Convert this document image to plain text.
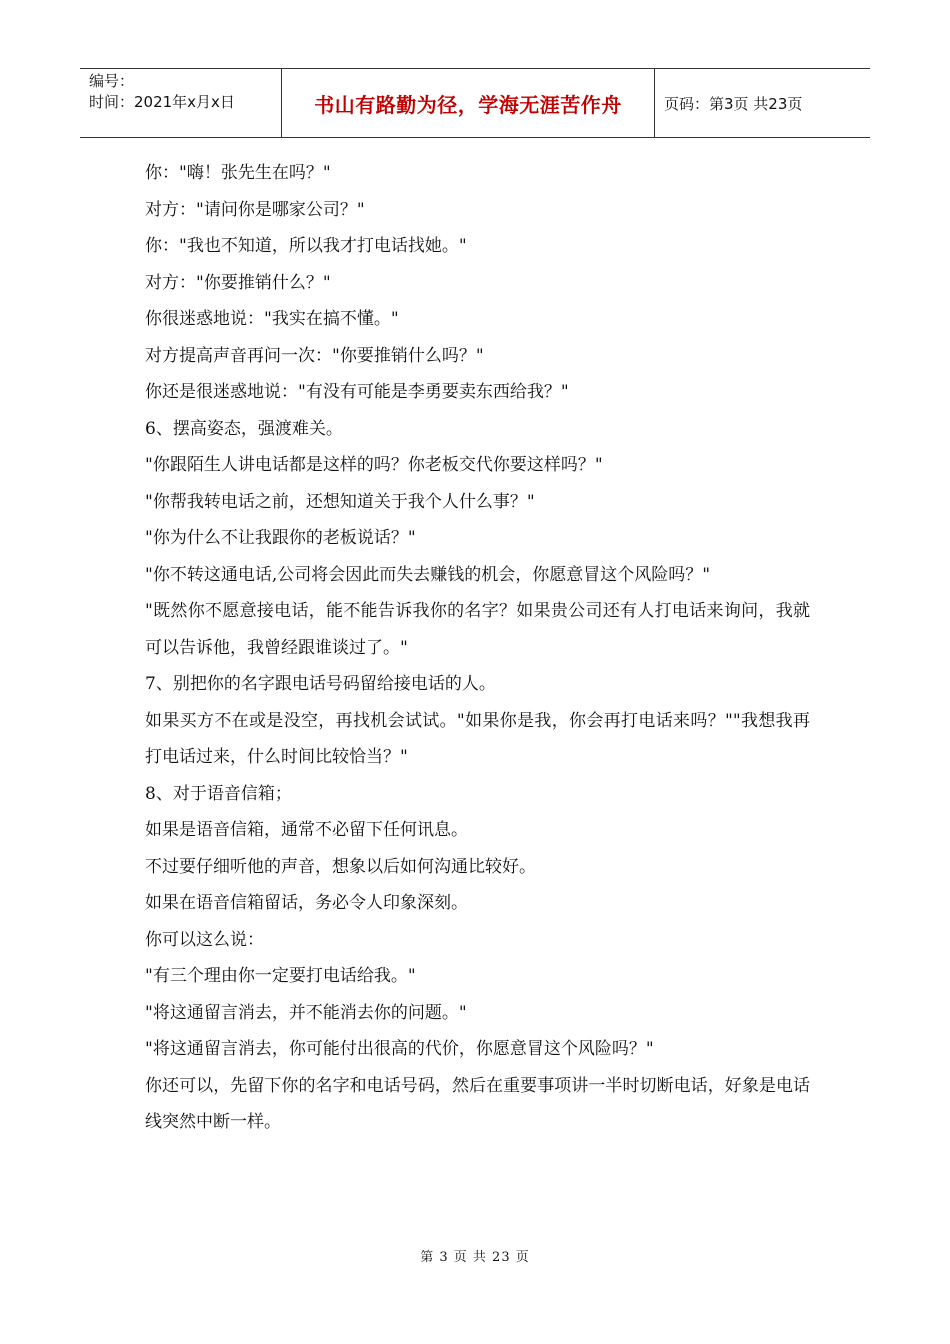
编号：
时间：2021年x月x日	书山有路勤为径，学海无涯苦作舟	页码：第3页 共23页

你："嗨！张先生在吗？"

对方："请问你是哪家公司？"

你："我也不知道，所以我才打电话找她。"

对方："你要推销什么？"

你很迷惑地说："我实在搞不懂。"

对方提高声音再问一次："你要推销什么吗？"

你还是很迷惑地说："有没有可能是李勇要卖东西给我？"

6、摆高姿态，强渡难关。

"你跟陌生人讲电话都是这样的吗？你老板交代你要这样吗？"

"你帮我转电话之前，还想知道关于我个人什么事？"

"你为什么不让我跟你的老板说话？"

"你不转这通电话,公司将会因此而失去赚钱的机会，你愿意冒这个风险吗？"

"既然你不愿意接电话，能不能告诉我你的名字？如果贵公司还有人打电话来询问，我就可以告诉他，我曾经跟谁谈过了。"

7、别把你的名字跟电话号码留给接电话的人。

如果买方不在或是没空，再找机会试试。"如果你是我，你会再打电话来吗？""我想我再打电话过来，什么时间比较恰当？"

8、对于语音信箱；

如果是语音信箱，通常不必留下任何讯息。

不过要仔细听他的声音，想象以后如何沟通比较好。

如果在语音信箱留话，务必令人印象深刻。

你可以这么说：

"有三个理由你一定要打电话给我。"

"将这通留言消去，并不能消去你的问题。"

"将这通留言消去，你可能付出很高的代价，你愿意冒这个风险吗？"

你还可以，先留下你的名字和电话号码，然后在重要事项讲一半时切断电话，好象是电话线突然中断一样。

第 3 页 共 23 页
